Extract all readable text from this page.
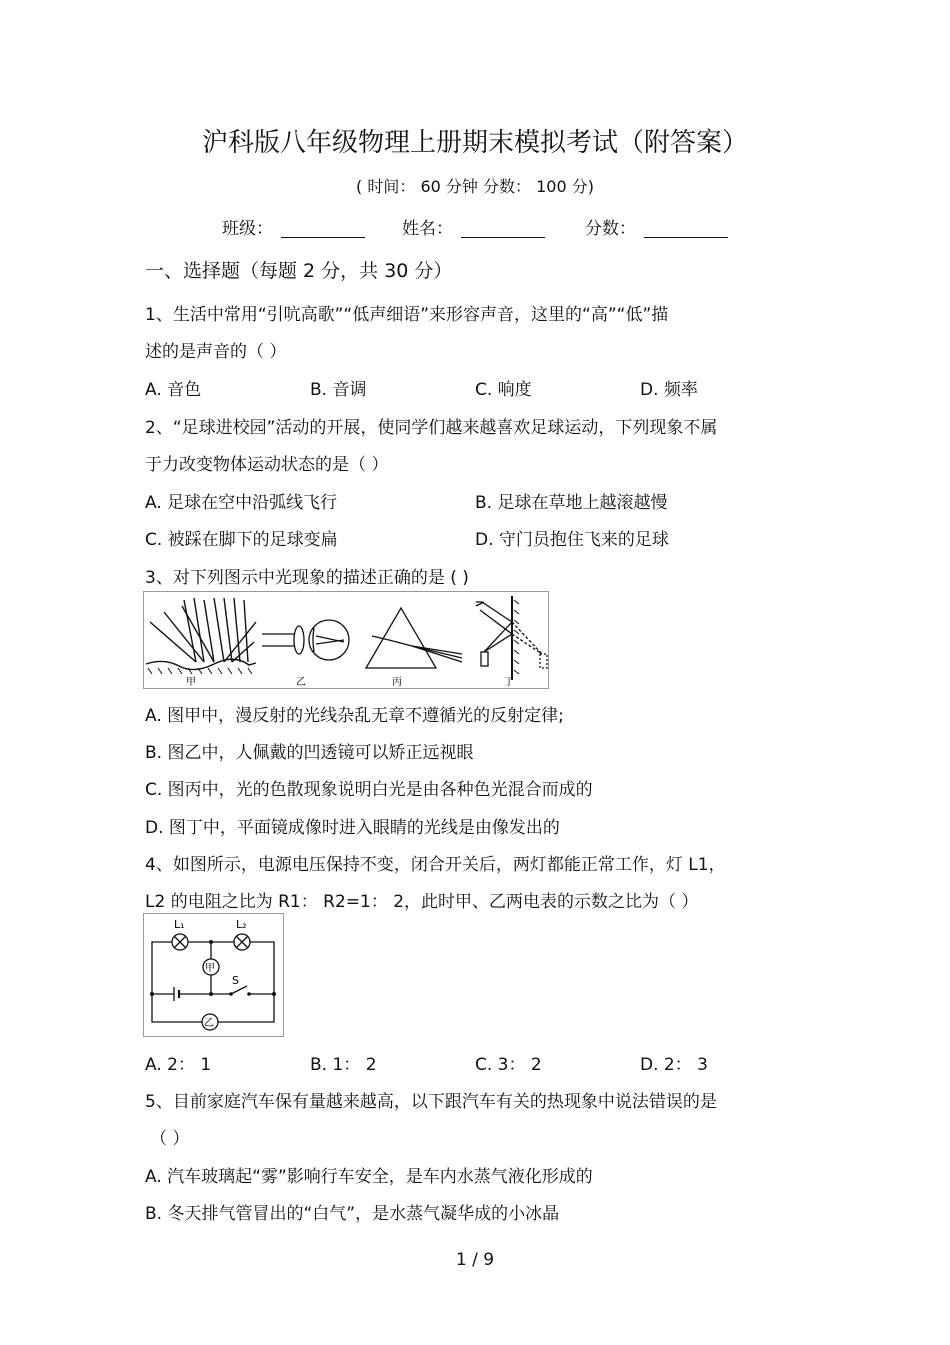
沪科版八年级物理上册期末模拟考试（附答案）
( 时间： 60 分钟 分数： 100 分)
班级：	姓名：	分数：
一、选择题（每题 2 分，共 30 分）
1、生活中常用“引吭高歌”“低声细语”来形容声音，这里的“高”“低”描
述的是声音的（ ）
A. 音色	B. 音调	C. 响度	D. 频率
2、“足球进校园”活动的开展，使同学们越来越喜欢足球运动，下列现象不属
于力改变物体运动状态的是（ ）
A. 足球在空中沿弧线飞行	B. 足球在草地上越滚越慢
C. 被踩在脚下的足球变扁	D. 守门员抱住飞来的足球
3、对下列图示中光现象的描述正确的是 ( )
甲	乙	丙	丁
A. 图甲中，漫反射的光线杂乱无章不遵循光的反射定律;
B. 图乙中，人佩戴的凹透镜可以矫正远视眼
C. 图丙中，光的色散现象说明白光是由各种色光混合而成的
D. 图丁中，平面镜成像时进入眼睛的光线是由像发出的
4、如图所示，电源电压保持不变，闭合开关后，两灯都能正常工作，灯 L1，
L2 的电阻之比为 R1： R2=1： 2，此时甲、乙两电表的示数之比为（ ）
L₁	L₂
S
甲
乙
A. 2： 1	B. 1： 2	C. 3： 2	D. 2： 3
5、目前家庭汽车保有量越来越高，以下跟汽车有关的热现象中说法错误的是
（ ）
A. 汽车玻璃起“雾”影响行车安全，是车内水蒸气液化形成的
B. 冬天排气管冒出的“白气”，是水蒸气凝华成的小冰晶
1 / 9
